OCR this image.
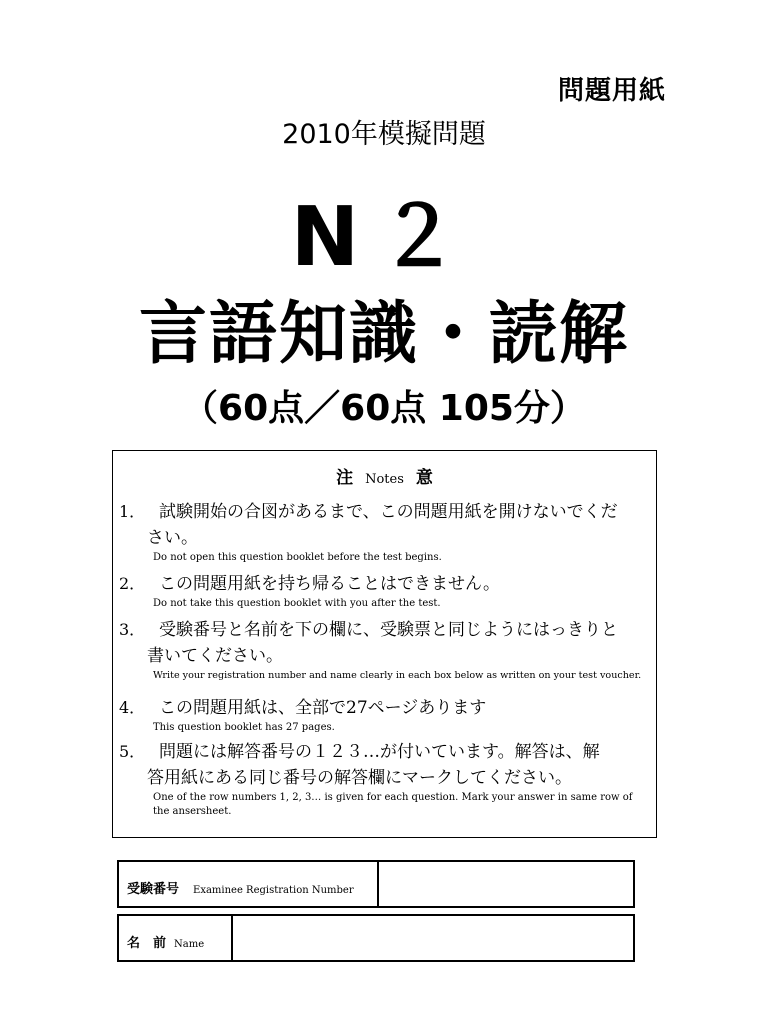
問題用紙
2010年模擬問題
N２
言語知識・読解
（60点／60点 105分）
注 Notes 意
1． 試験開始の合図があるまで、この問題用紙を開けないでくだ
さい。
Do not open this question booklet before the test begins.
2． この問題用紙を持ち帰ることはできません。
Do not take this question booklet with you after the test.
3． 受験番号と名前を下の欄に、受験票と同じようにはっきりと
書いてください。
Write your registration number and name clearly in each box below as written on your test voucher.
4． この問題用紙は、全部で27ページあります
This question booklet has 27 pages.
5． 問題には解答番号の１２３…が付いています。解答は、解
答用紙にある同じ番号の解答欄にマークしてください。
One of the row numbers 1, 2, 3… is given for each question. Mark your answer in same row of the ansersheet.
受験番号 Examinee Registration Number
名　前 Name
